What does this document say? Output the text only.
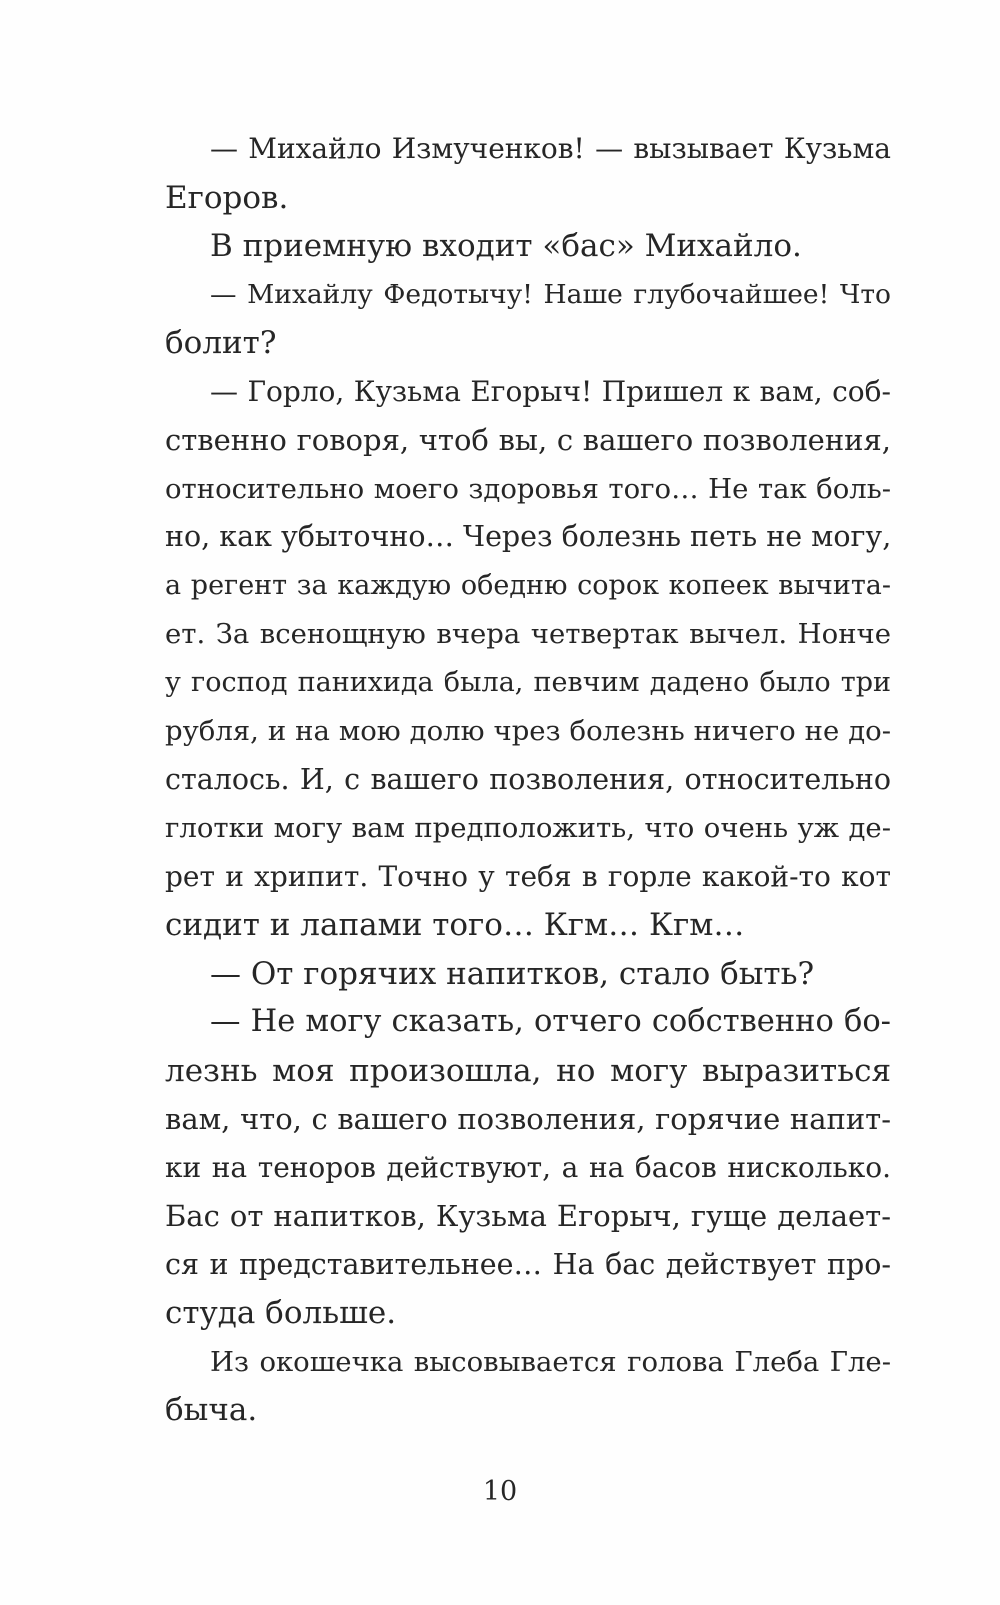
— Михайло Измученков! — вызывает Кузьма
Егоров.
В приемную входит «бас» Михайло.
— Михайлу Федотычу! Наше глубочайшее! Что
болит?
— Горло, Кузьма Егорыч! Пришел к вам, соб-
ственно говоря, чтоб вы, с вашего позволения,
относительно моего здоровья того… Не так боль-
но, как убыточно… Через болезнь петь не могу,
а регент за каждую обедню сорок копеек вычита-
ет. За всенощную вчера четвертак вычел. Нонче
у господ панихида была, певчим дадено было три
рубля, и на мою долю чрез болезнь ничего не до-
сталось. И, с вашего позволения, относительно
глотки могу вам предположить, что очень уж де-
рет и хрипит. Точно у тебя в горле какой-то кот
сидит и лапами того… Кгм… Кгм…
— От горячих напитков, стало быть?
— Не могу сказать, отчего собственно бо-
лезнь моя произошла, но могу выразиться
вам, что, с вашего позволения, горячие напит-
ки на теноров действуют, а на басов нисколько.
Бас от напитков, Кузьма Егорыч, гуще делает-
ся и представительнее… На бас действует про-
студа больше.
Из окошечка высовывается голова Глеба Гле-
быча.
10
